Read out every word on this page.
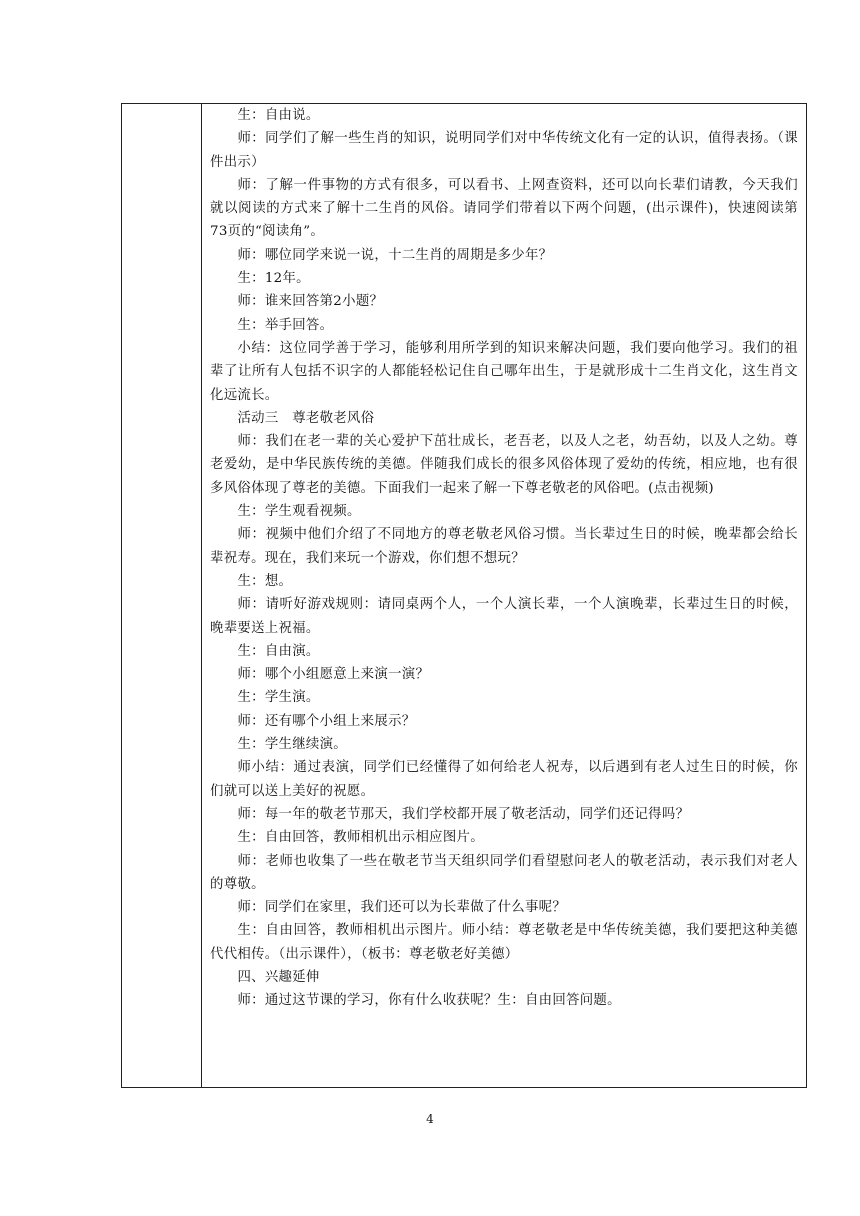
生：自由说。

师：同学们了解一些生肖的知识，说明同学们对中华传统文化有一定的认识，值得表扬。（课件出示）

师：了解一件事物的方式有很多，可以看书、上网查资料，还可以向长辈们请教，今天我们就以阅读的方式来了解十二生肖的风俗。请同学们带着以下两个问题，(出示课件)，快速阅读第73页的“阅读角”。

师：哪位同学来说一说，十二生肖的周期是多少年？

生：12年。

师：谁来回答第2小题？

生：举手回答。

小结：这位同学善于学习，能够利用所学到的知识来解决问题，我们要向他学习。我们的祖辈了让所有人包括不识字的人都能轻松记住自己哪年出生，于是就形成十二生肖文化，这生肖文化远流长。

活动三　尊老敬老风俗

师：我们在老一辈的关心爱护下茁壮成长，老吾老，以及人之老，幼吾幼，以及人之幼。尊老爱幼，是中华民族传统的美德。伴随我们成长的很多风俗体现了爱幼的传统，相应地，也有很多风俗体现了尊老的美德。下面我们一起来了解一下尊老敬老的风俗吧。(点击视频)

生：学生观看视频。

师：视频中他们介绍了不同地方的尊老敬老风俗习惯。当长辈过生日的时候，晚辈都会给长辈祝寿。现在，我们来玩一个游戏，你们想不想玩？

生：想。

师：请听好游戏规则：请同桌两个人，一个人演长辈，一个人演晚辈，长辈过生日的时候，晚辈要送上祝福。

生：自由演。

师：哪个小组愿意上来演一演？

生：学生演。

师：还有哪个小组上来展示？

生：学生继续演。

师小结：通过表演，同学们已经懂得了如何给老人祝寿，以后遇到有老人过生日的时候，你们就可以送上美好的祝愿。

师：每一年的敬老节那天，我们学校都开展了敬老活动，同学们还记得吗？

生：自由回答，教师相机出示相应图片。

师：老师也收集了一些在敬老节当天组织同学们看望慰问老人的敬老活动，表示我们对老人的尊敬。

师：同学们在家里，我们还可以为长辈做了什么事呢？

生：自由回答，教师相机出示图片。师小结：尊老敬老是中华传统美德，我们要把这种美德代代相传。（出示课件），（板书：尊老敬老好美德）

四、兴趣延伸

师：通过这节课的学习，你有什么收获呢？生：自由回答问题。

4
